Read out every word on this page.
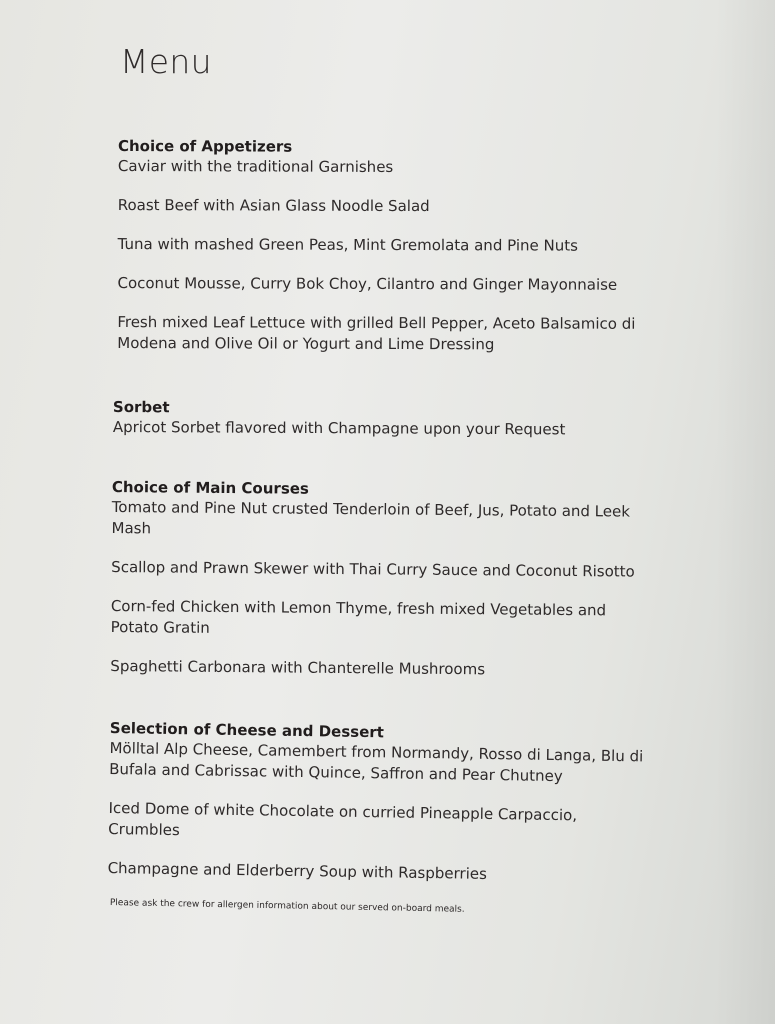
Menu

Choice of Appetizers

Caviar with the traditional Garnishes

Roast Beef with Asian Glass Noodle Salad

Tuna with mashed Green Peas, Mint Gremolata and Pine Nuts

Coconut Mousse, Curry Bok Choy, Cilantro and Ginger Mayonnaise

Fresh mixed Leaf Lettuce with grilled Bell Pepper, Aceto Balsamico di

Modena and Olive Oil or Yogurt and Lime Dressing

Sorbet

Apricot Sorbet flavored with Champagne upon your Request

Choice of Main Courses

Tomato and Pine Nut crusted Tenderloin of Beef, Jus, Potato and Leek

Mash

Scallop and Prawn Skewer with Thai Curry Sauce and Coconut Risotto

Corn-fed Chicken with Lemon Thyme, fresh mixed Vegetables and

Potato Gratin

Spaghetti Carbonara with Chanterelle Mushrooms

Selection of Cheese and Dessert

Mölltal Alp Cheese, Camembert from Normandy, Rosso di Langa, Blu di

Bufala and Cabrissac with Quince, Saffron and Pear Chutney

Iced Dome of white Chocolate on curried Pineapple Carpaccio,

Crumbles

Champagne and Elderberry Soup with Raspberries

Please ask the crew for allergen information about our served on-board meals.
